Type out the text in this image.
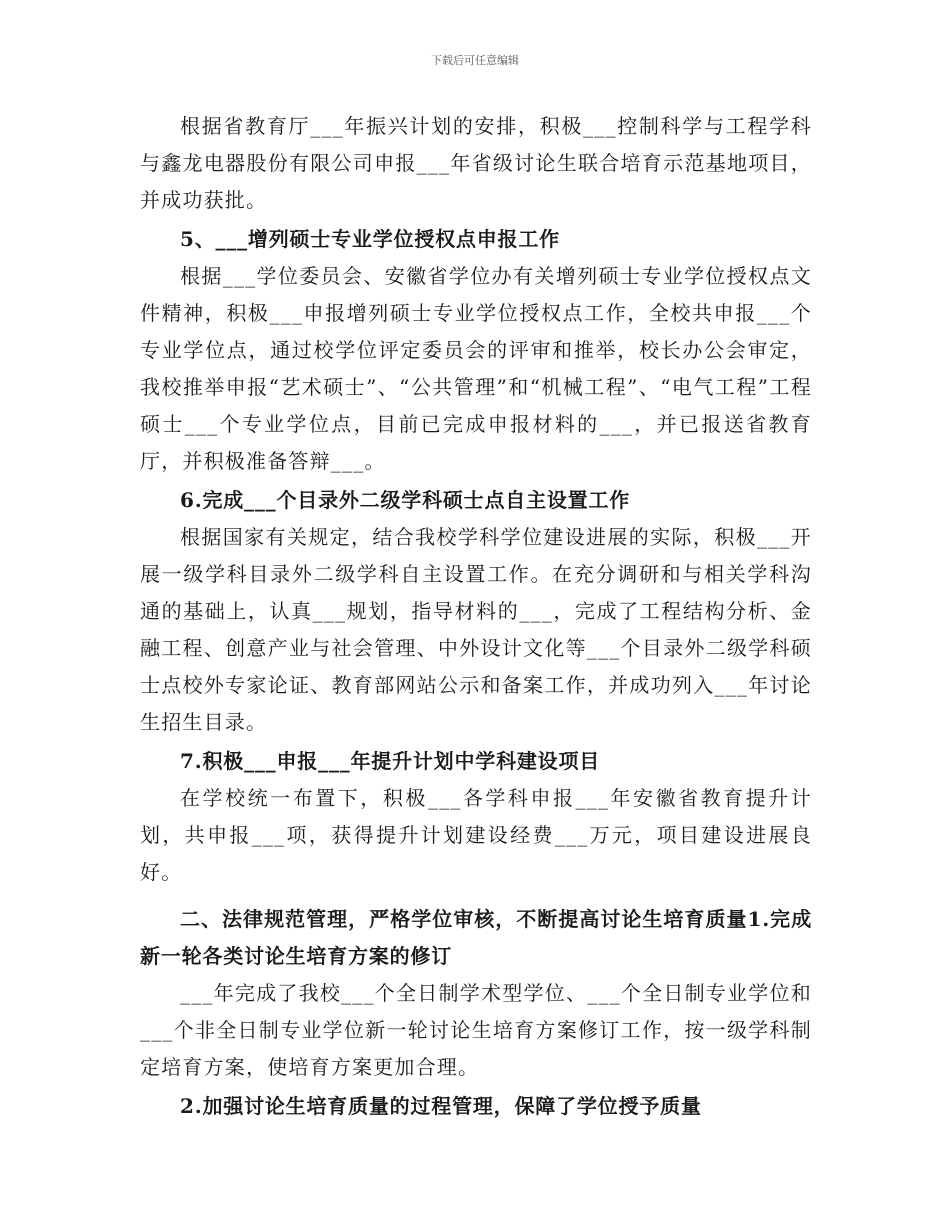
下载后可任意编辑

根据省教育厅___年振兴计划的安排，积极___控制科学与工程学科与鑫龙电器股份有限公司申报___年省级讨论生联合培育示范基地项目，并成功获批。

5、___增列硕士专业学位授权点申报工作

根据___学位委员会、安徽省学位办有关增列硕士专业学位授权点文件精神，积极___申报增列硕士专业学位授权点工作，全校共申报___个专业学位点，通过校学位评定委员会的评审和推举，校长办公会审定，我校推举申报“艺术硕士”、“公共管理”和“机械工程”、“电气工程”工程硕士___个专业学位点，目前已完成申报材料的___，并已报送省教育厅，并积极准备答辩___。

6.完成___个目录外二级学科硕士点自主设置工作

根据国家有关规定，结合我校学科学位建设进展的实际，积极___开展一级学科目录外二级学科自主设置工作。在充分调研和与相关学科沟通的基础上，认真___规划，指导材料的___，完成了工程结构分析、金融工程、创意产业与社会管理、中外设计文化等___个目录外二级学科硕士点校外专家论证、教育部网站公示和备案工作，并成功列入___年讨论生招生目录。

7.积极___申报___年提升计划中学科建设项目

在学校统一布置下，积极___各学科申报___年安徽省教育提升计划，共申报___项，获得提升计划建设经费___万元，项目建设进展良好。

二、法律规范管理，严格学位审核，不断提高讨论生培育质量1.完成新一轮各类讨论生培育方案的修订

___年完成了我校___个全日制学术型学位、___个全日制专业学位和___个非全日制专业学位新一轮讨论生培育方案修订工作，按一级学科制定培育方案，使培育方案更加合理。

2.加强讨论生培育质量的过程管理，保障了学位授予质量
